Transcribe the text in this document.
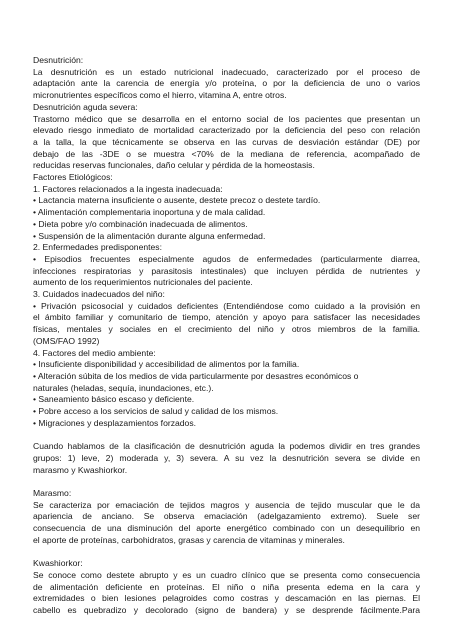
Desnutrición:
La desnutrición es un estado nutricional inadecuado, caracterizado por el proceso de
adaptación ante la carencia de energía y/o proteína, o por la deficiencia de uno o varios
micronutrientes específicos como el hierro, vitamina A, entre otros.
Desnutrición aguda severa:
Trastorno médico que se desarrolla en el entorno social de los pacientes que presentan un
elevado riesgo inmediato de mortalidad caracterizado por la deficiencia del peso con relación
a la talla, la que técnicamente se observa en las curvas de desviación estándar (DE) por
debajo de las -3DE o se muestra <70% de la mediana de referencia, acompañado de
reducidas reservas funcionales, daño celular y pérdida de la homeostasis.
Factores Etiológicos:
1. Factores relacionados a la ingesta inadecuada:
• Lactancia materna insuficiente o ausente, destete precoz o destete tardío.
• Alimentación complementaria inoportuna y de mala calidad.
• Dieta pobre y/o combinación inadecuada de alimentos.
• Suspensión de la alimentación durante alguna enfermedad.
2. Enfermedades predisponentes:
• Episodios frecuentes especialmente agudos de enfermedades (particularmente diarrea,
infecciones respiratorias y parasitosis intestinales) que incluyen pérdida de nutrientes y
aumento de los requerimientos nutricionales del paciente.
3. Cuidados inadecuados del niño:
• Privación psicosocial y cuidados deficientes (Entendiéndose como cuidado a la provisión en
el ámbito familiar y comunitario de tiempo, atención y apoyo para satisfacer las necesidades
físicas, mentales y sociales en el crecimiento del niño y otros miembros de la familia.
(OMS/FAO 1992)
4. Factores del medio ambiente:
• Insuficiente disponibilidad y accesibilidad de alimentos por la familia.
• Alteración súbita de los medios de vida particularmente por desastres económicos o
naturales (heladas, sequía, inundaciones, etc.).
• Saneamiento básico escaso y deficiente.
• Pobre acceso a los servicios de salud y calidad de los mismos.
• Migraciones y desplazamientos forzados.
Cuando hablamos de la clasificación de desnutrición aguda la podemos dividir en tres grandes
grupos: 1) leve, 2) moderada y, 3) severa. A su vez la desnutrición severa se divide en
marasmo y Kwashiorkor.
Marasmo:
Se caracteriza por emaciación de tejidos magros y ausencia de tejido muscular que le da
apariencia de anciano. Se observa emaciación (adelgazamiento extremo). Suele ser
consecuencia de una disminución del aporte energético combinado con un desequilibrio en
el aporte de proteínas, carbohidratos, grasas y carencia de vitaminas y minerales.
Kwashiorkor:
Se conoce como destete abrupto y es un cuadro clínico que se presenta como consecuencia
de alimentación deficiente en proteínas. El niño o niña presenta edema en la cara y
extremidades o bien lesiones pelagroides como costras y descamación en las piernas. El
cabello es quebradizo y decolorado (signo de bandera) y se desprende fácilmente.Para
